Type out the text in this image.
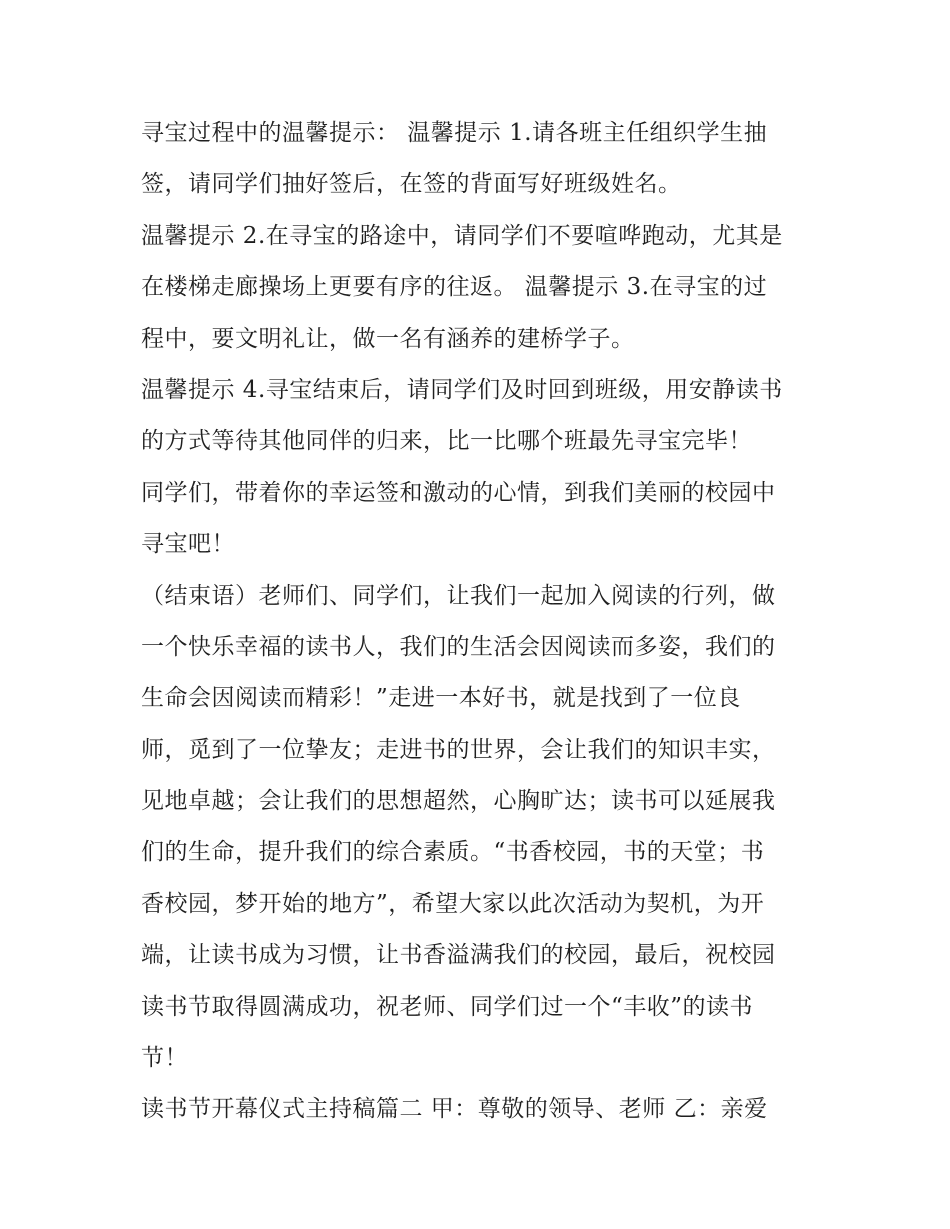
寻宝过程中的温馨提示： 温馨提示 1.请各班主任组织学生抽
签，请同学们抽好签后，在签的背面写好班级姓名。
温馨提示 2.在寻宝的路途中，请同学们不要喧哗跑动，尤其是
在楼梯走廊操场上更要有序的往返。 温馨提示 3.在寻宝的过
程中，要文明礼让，做一名有涵养的建桥学子。
温馨提示 4.寻宝结束后，请同学们及时回到班级，用安静读书
的方式等待其他同伴的归来，比一比哪个班最先寻宝完毕！
同学们，带着你的幸运签和激动的心情，到我们美丽的校园中
寻宝吧！
（结束语）老师们、同学们，让我们一起加入阅读的行列，做
一个快乐幸福的读书人，我们的生活会因阅读而多姿，我们的
生命会因阅读而精彩！”走进一本好书，就是找到了一位良
师，觅到了一位挚友；走进书的世界，会让我们的知识丰实，
见地卓越；会让我们的思想超然，心胸旷达；读书可以延展我
们的生命，提升我们的综合素质。“书香校园，书的天堂；书
香校园，梦开始的地方”，希望大家以此次活动为契机，为开
端，让读书成为习惯，让书香溢满我们的校园，最后，祝校园
读书节取得圆满成功，祝老师、同学们过一个“丰收”的读书
节！
读书节开幕仪式主持稿篇二 甲：尊敬的领导、老师 乙：亲爱
